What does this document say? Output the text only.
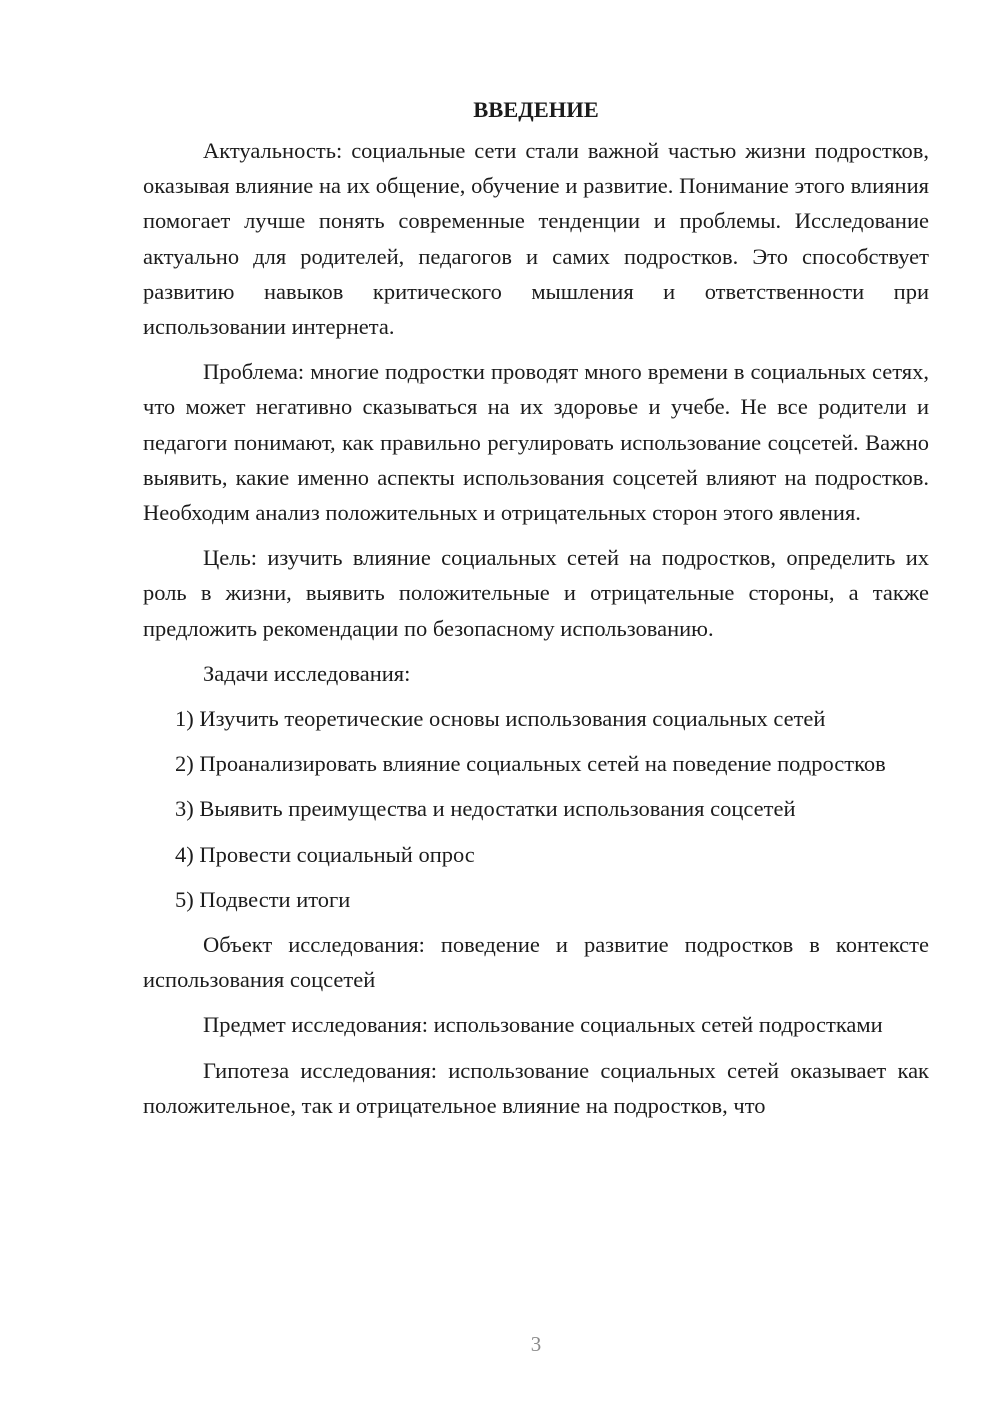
ВВЕДЕНИЕ

Актуальность: социальные сети стали важной частью жизни подростков, оказывая влияние на их общение, обучение и развитие. Понимание этого влияния помогает лучше понять современные тенденции и проблемы. Исследование актуально для родителей, педагогов и самих подростков. Это способствует развитию навыков критического мышления и ответственности при использовании интернета.

Проблема: многие подростки проводят много времени в социальных сетях, что может негативно сказываться на их здоровье и учебе. Не все родители и педагоги понимают, как правильно регулировать использование соцсетей. Важно выявить, какие именно аспекты использования соцсетей влияют на подростков. Необходим анализ положительных и отрицательных сторон этого явления.

Цель: изучить влияние социальных сетей на подростков, определить их роль в жизни, выявить положительные и отрицательные стороны, а также предложить рекомендации по безопасному использованию.

Задачи исследования:

1) Изучить теоретические основы использования социальных сетей

2) Проанализировать влияние социальных сетей на поведение подростков

3) Выявить преимущества и недостатки использования соцсетей

4) Провести социальный опрос

5) Подвести итоги

Объект исследования: поведение и развитие подростков в контексте использования соцсетей

Предмет исследования: использование социальных сетей подростками

Гипотеза исследования: использование социальных сетей оказывает как положительное, так и отрицательное влияние на подростков, что

3
